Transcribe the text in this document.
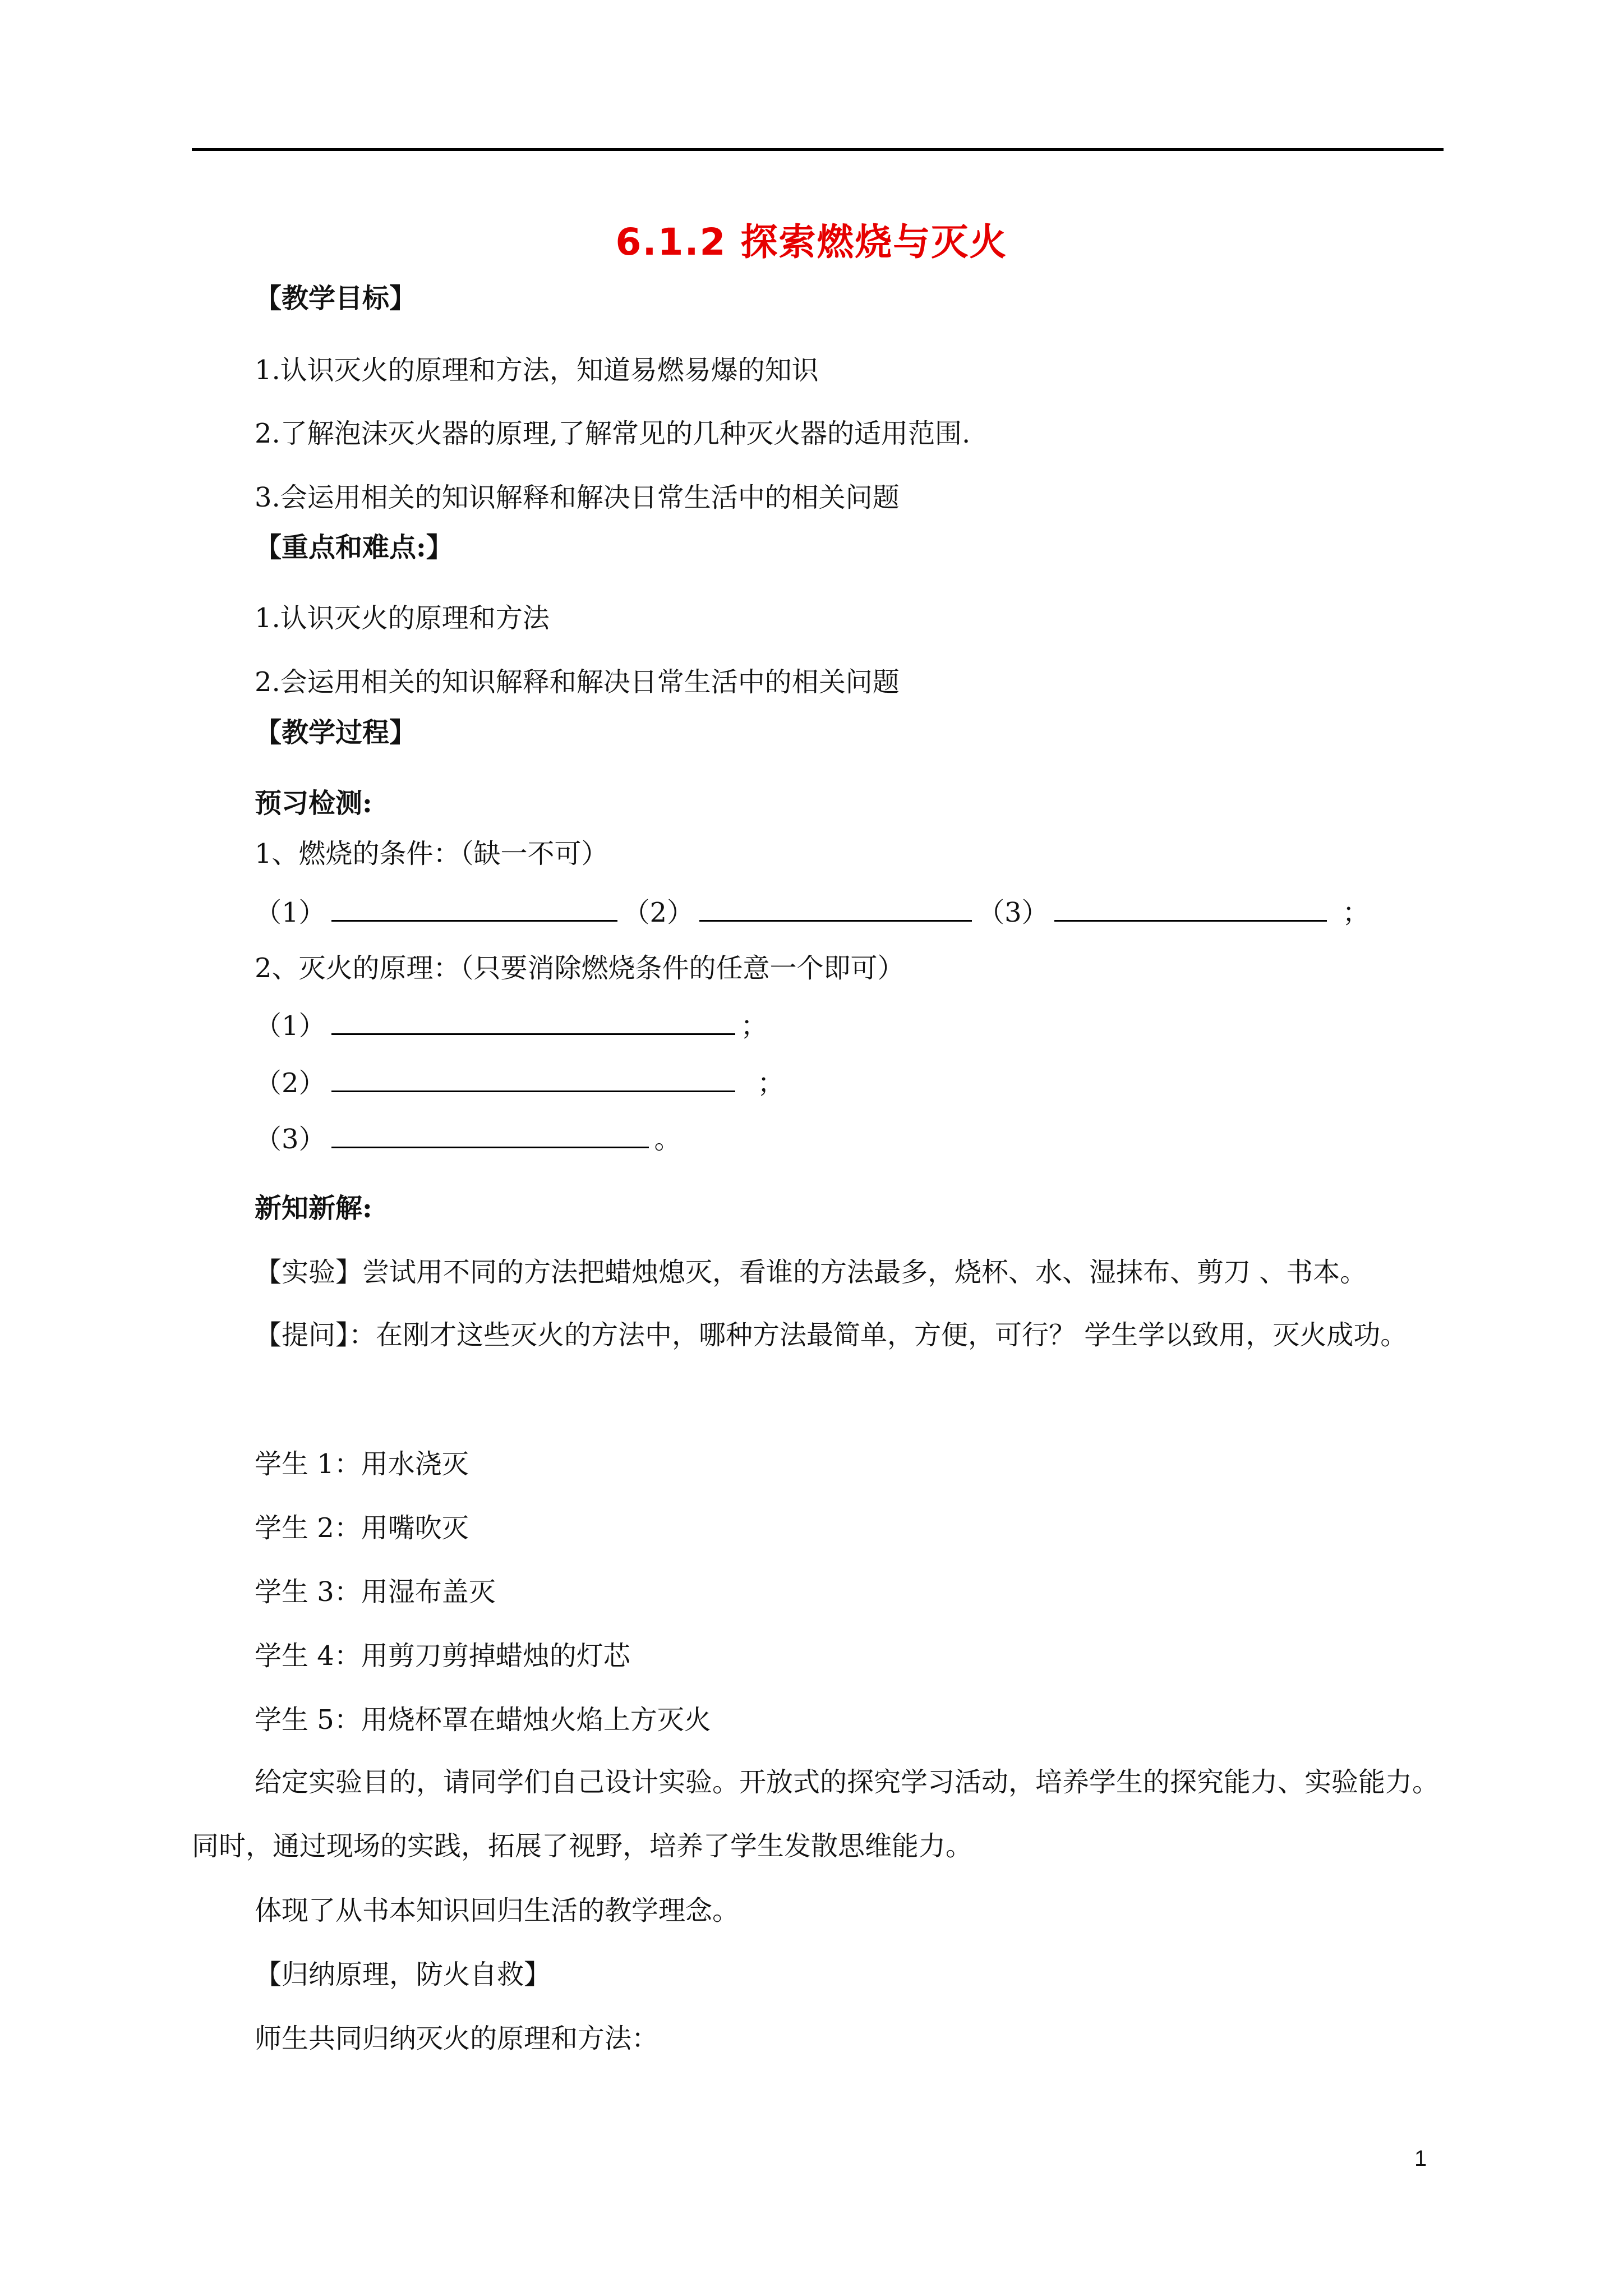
6.1.2 探索燃烧与灭火
【教学目标】
1.认识灭火的原理和方法，知道易燃易爆的知识
2.了解泡沫灭火器的原理,了解常见的几种灭火器的适用范围.
3.会运用相关的知识解释和解决日常生活中的相关问题
【重点和难点:】
1.认识灭火的原理和方法
2.会运用相关的知识解释和解决日常生活中的相关问题
【教学过程】
预习检测:
1、燃烧的条件：（缺一不可）
（1）	（2）	（3）	；
2、灭火的原理：（只要消除燃烧条件的任意一个即可）
（1）	；
（2）	；
（3）	。
新知新解:
【实验】尝试用不同的方法把蜡烛熄灭，看谁的方法最多，烧杯、水、湿抹布、剪刀 、书本。
【提问】：在刚才这些灭火的方法中，哪种方法最简单，方便，可行？ 学生学以致用，灭火成功。
学生 1：用水浇灭
学生 2：用嘴吹灭
学生 3：用湿布盖灭
学生 4：用剪刀剪掉蜡烛的灯芯
学生 5：用烧杯罩在蜡烛火焰上方灭火
给定实验目的，请同学们自己设计实验。开放式的探究学习活动，培养学生的探究能力、实验能力。同时，通过现场的实践，拓展了视野，培养了学生发散思维能力。
体现了从书本知识回归生活的教学理念。
【归纳原理，防火自救】
师生共同归纳灭火的原理和方法：
1
